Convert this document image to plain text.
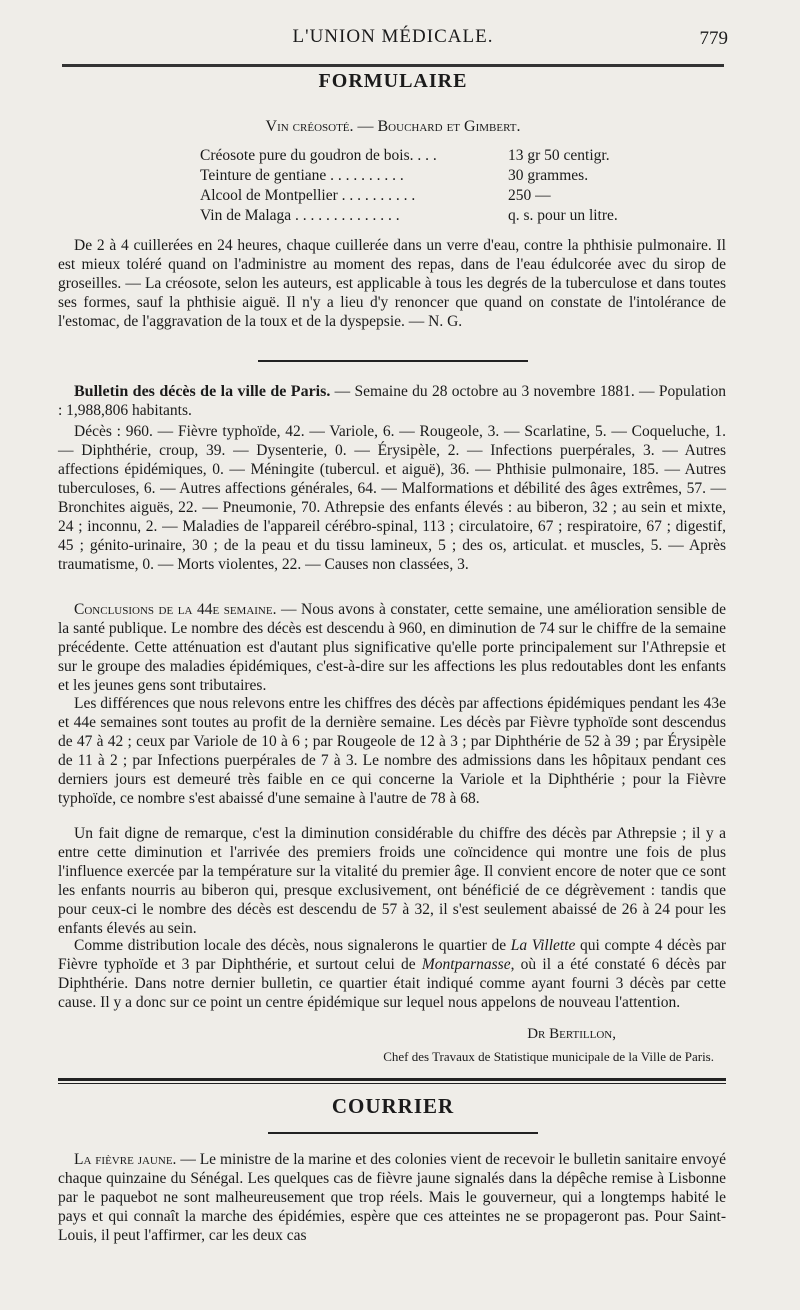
L'UNION MÉDICALE.	779
FORMULAIRE
Vin créosoté. — Bouchard et Gimbert.
Créosote pure du goudron de bois. . . .	13 gr 50 centigr.
Teinture de gentiane . . . . . . . . . .	30 grammes.
Alcool de Montpellier . . . . . . . . . .	250 —
Vin de Malaga . . . . . . . . . . . . . .	q. s. pour un litre.
De 2 à 4 cuillerées en 24 heures, chaque cuillerée dans un verre d'eau, contre la phthisie pulmonaire. Il est mieux toléré quand on l'administre au moment des repas, dans de l'eau édulcorée avec du sirop de groseilles. — La créosote, selon les auteurs, est applicable à tous les degrés de la tuberculose et dans toutes ses formes, sauf la phthisie aiguë. Il n'y a lieu d'y renoncer que quand on constate de l'intolérance de l'estomac, de l'aggravation de la toux et de la dyspepsie. — N. G.
Bulletin des décès de la ville de Paris. — Semaine du 28 octobre au 3 novembre 1881. — Population : 1,988,806 habitants.
Décès : 960. — Fièvre typhoïde, 42. — Variole, 6. — Rougeole, 3. — Scarlatine, 5. — Coqueluche, 1. — Diphthérie, croup, 39. — Dysenterie, 0. — Érysipèle, 2. — Infections puerpérales, 3. — Autres affections épidémiques, 0. — Méningite (tubercul. et aiguë), 36. — Phthisie pulmonaire, 185. — Autres tuberculoses, 6. — Autres affections générales, 64. — Malformations et débilité des âges extrêmes, 57. — Bronchites aiguës, 22. — Pneumonie, 70. Athrepsie des enfants élevés : au biberon, 32 ; au sein et mixte, 24 ; inconnu, 2. — Maladies de l'appareil cérébro-spinal, 113 ; circulatoire, 67 ; respiratoire, 67 ; digestif, 45 ; génito-urinaire, 30 ; de la peau et du tissu lamineux, 5 ; des os, articulat. et muscles, 5. — Après traumatisme, 0. — Morts violentes, 22. — Causes non classées, 3.
Conclusions de la 44e semaine. — Nous avons à constater, cette semaine, une amélioration sensible de la santé publique. Le nombre des décès est descendu à 960, en diminution de 74 sur le chiffre de la semaine précédente. Cette atténuation est d'autant plus significative qu'elle porte principalement sur l'Athrepsie et sur le groupe des maladies épidémiques, c'est-à-dire sur les affections les plus redoutables dont les enfants et les jeunes gens sont tributaires.
Les différences que nous relevons entre les chiffres des décès par affections épidémiques pendant les 43e et 44e semaines sont toutes au profit de la dernière semaine. Les décès par Fièvre typhoïde sont descendus de 47 à 42 ; ceux par Variole de 10 à 6 ; par Rougeole de 12 à 3 ; par Diphthérie de 52 à 39 ; par Érysipèle de 11 à 2 ; par Infections puerpérales de 7 à 3. Le nombre des admissions dans les hôpitaux pendant ces derniers jours est demeuré très faible en ce qui concerne la Variole et la Diphthérie ; pour la Fièvre typhoïde, ce nombre s'est abaissé d'une semaine à l'autre de 78 à 68.
Un fait digne de remarque, c'est la diminution considérable du chiffre des décès par Athrepsie ; il y a entre cette diminution et l'arrivée des premiers froids une coïncidence qui montre une fois de plus l'influence exercée par la température sur la vitalité du premier âge. Il convient encore de noter que ce sont les enfants nourris au biberon qui, presque exclusivement, ont bénéficié de ce dégrèvement : tandis que pour ceux-ci le nombre des décès est descendu de 57 à 32, il s'est seulement abaissé de 26 à 24 pour les enfants élevés au sein.
Comme distribution locale des décès, nous signalerons le quartier de La Villette qui compte 4 décès par Fièvre typhoïde et 3 par Diphthérie, et surtout celui de Montparnasse, où il a été constaté 6 décès par Diphthérie. Dans notre dernier bulletin, ce quartier était indiqué comme ayant fourni 3 décès par cette cause. Il y a donc sur ce point un centre épidémique sur lequel nous appelons de nouveau l'attention.
Dr Bertillon,
Chef des Travaux de Statistique municipale de la Ville de Paris.
COURRIER
La fièvre jaune. — Le ministre de la marine et des colonies vient de recevoir le bulletin sanitaire envoyé chaque quinzaine du Sénégal. Les quelques cas de fièvre jaune signalés dans la dépêche remise à Lisbonne par le paquebot ne sont malheureusement que trop réels. Mais le gouverneur, qui a longtemps habité le pays et qui connaît la marche des épidémies, espère que ces atteintes ne se propageront pas. Pour Saint-Louis, il peut l'affirmer, car les deux cas
